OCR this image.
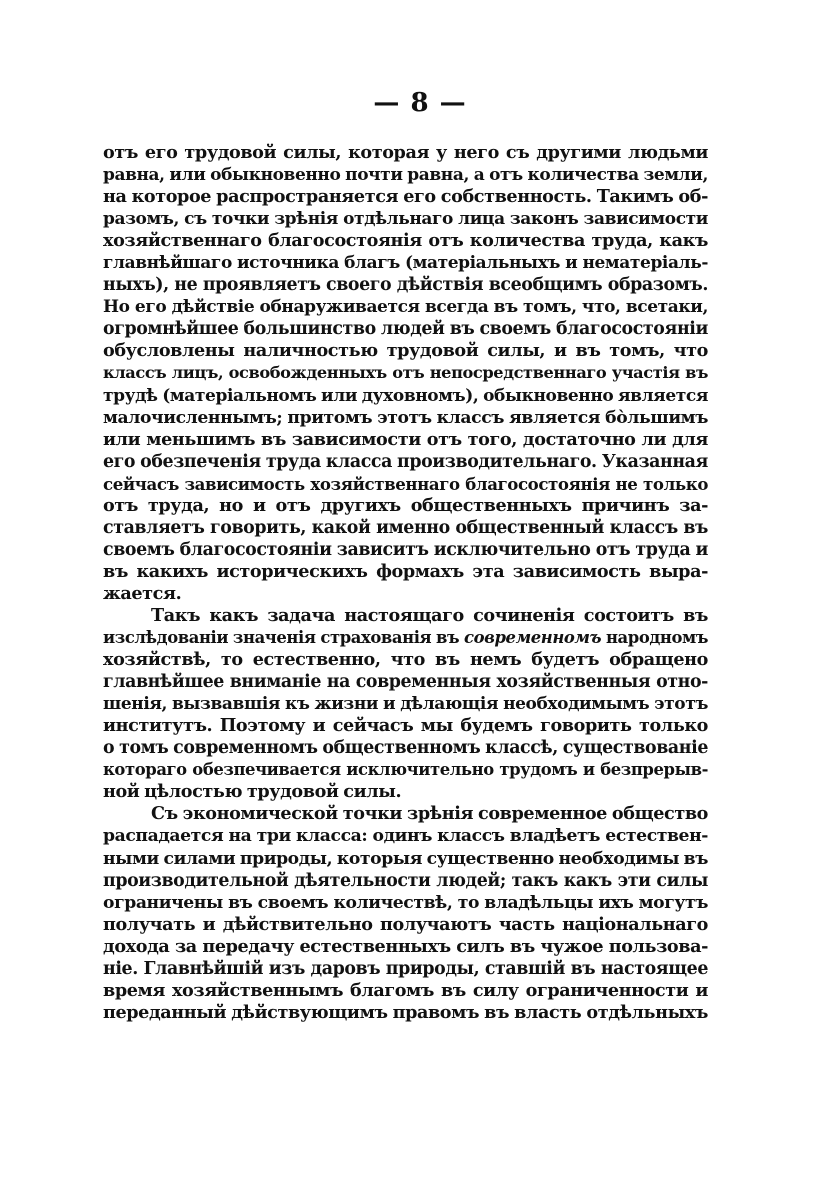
— 8 —
отъ его трудовой силы, которая у него съ другими людьми
равна, или обыкновенно почти равна, а отъ количества земли,
на которое распространяется его собственность. Такимъ об-
разомъ, съ точки зрѣнія отдѣльнаго лица законъ зависимости
хозяйственнаго благосостоянія отъ количества труда, какъ
главнѣйшаго источника благъ (матеріальныхъ и нематеріаль-
ныхъ), не проявляетъ своего дѣйствія всеобщимъ образомъ.
Но его дѣйствіе обнаруживается всегда въ томъ, что, всетаки,
огромнѣйшее большинство людей въ своемъ благосостояніи
обусловлены наличностью трудовой силы, и въ томъ, что
классъ лицъ, освобожденныхъ отъ непосредственнаго участія въ
трудѣ (матеріальномъ или духовномъ), обыкновенно является
малочисленнымъ; притомъ этотъ классъ является бо̀льшимъ
или меньшимъ въ зависимости отъ того, достаточно ли для
его обезпеченія труда класса производительнаго. Указанная
сейчасъ зависимость хозяйственнаго благосостоянія не только
отъ труда, но и отъ другихъ общественныхъ причинъ за-
ставляетъ говорить, какой именно общественный классъ въ
своемъ благосостояніи зависитъ исключительно отъ труда и
въ какихъ историческихъ формахъ эта зависимость выра-
жается.
Такъ какъ задача настоящаго сочиненія состоитъ въ
изслѣдованіи значенія страхованія въ современномъ народномъ
хозяйствѣ, то естественно, что въ немъ будетъ обращено
главнѣйшее вниманіе на современныя хозяйственныя отно-
шенія, вызвавшія къ жизни и дѣлающія необходимымъ этотъ
институтъ. Поэтому и сейчасъ мы будемъ говорить только
о томъ современномъ общественномъ классѣ, существованіе
котораго обезпечивается исключительно трудомъ и безпрерыв-
ной цѣлостью трудовой силы.
Съ экономической точки зрѣнія современное общество
распадается на три класса: одинъ классъ владѣетъ естествен-
ными силами природы, которыя существенно необходимы въ
производительной дѣятельности людей; такъ какъ эти силы
ограничены въ своемъ количествѣ, то владѣльцы ихъ могутъ
получать и дѣйствительно получаютъ часть національнаго
дохода за передачу естественныхъ силъ въ чужое пользова-
ніе. Главнѣйшій изъ даровъ природы, ставшій въ настоящее
время хозяйственнымъ благомъ въ силу ограниченности и
переданный дѣйствующимъ правомъ въ власть отдѣльныхъ
